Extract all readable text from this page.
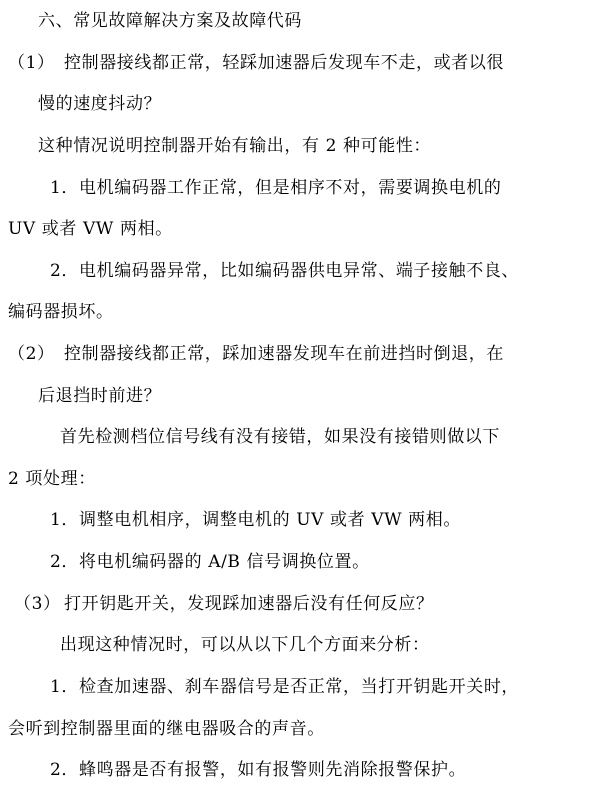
六、常见故障解决方案及故障代码
（1） 控制器接线都正常，轻踩加速器后发现车不走，或者以很
慢的速度抖动？
这种情况说明控制器开始有输出，有 2 种可能性：
1．电机编码器工作正常，但是相序不对，需要调换电机的
UV 或者 VW 两相。
2．电机编码器异常，比如编码器供电异常、端子接触不良、
编码器损坏。
（2） 控制器接线都正常，踩加速器发现车在前进挡时倒退，在
后退挡时前进？
首先检测档位信号线有没有接错，如果没有接错则做以下
2 项处理：
1．调整电机相序，调整电机的 UV 或者 VW 两相。
2．将电机编码器的 A/B 信号调换位置。
（3） 打开钥匙开关，发现踩加速器后没有任何反应？
出现这种情况时，可以从以下几个方面来分析：
1．检查加速器、刹车器信号是否正常，当打开钥匙开关时，
会听到控制器里面的继电器吸合的声音。
2．蜂鸣器是否有报警，如有报警则先消除报警保护。
